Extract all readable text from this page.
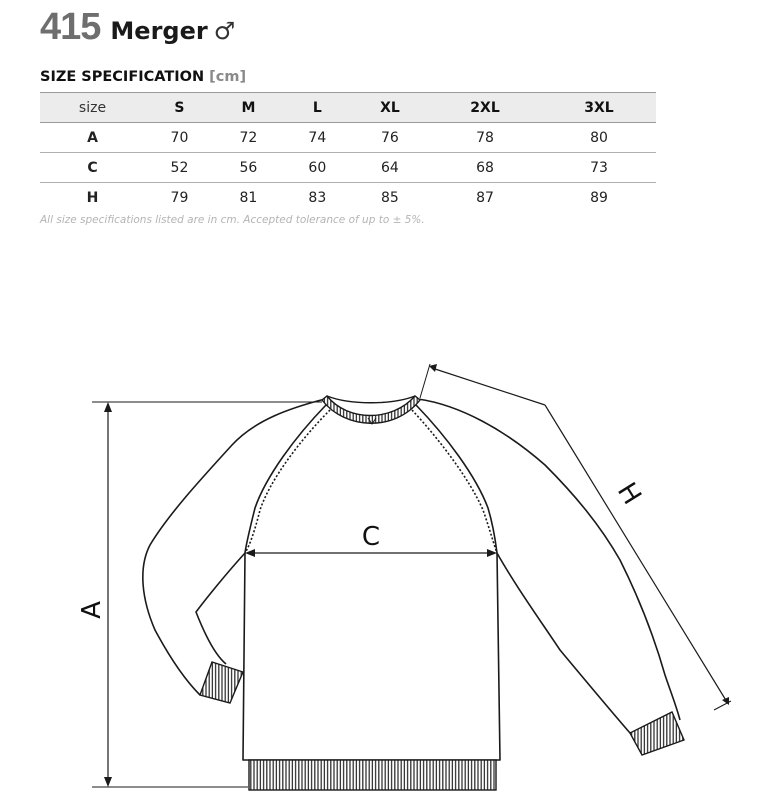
415 Merger ♂
SIZE SPECIFICATION [cm]
size	S	M	L	XL	2XL	3XL
A	70	72	74	76	78	80
C	52	56	60	64	68	73
H	79	81	83	85	87	89
All size specifications listed are in cm. Accepted tolerance of up to ± 5%.
A
C
H
